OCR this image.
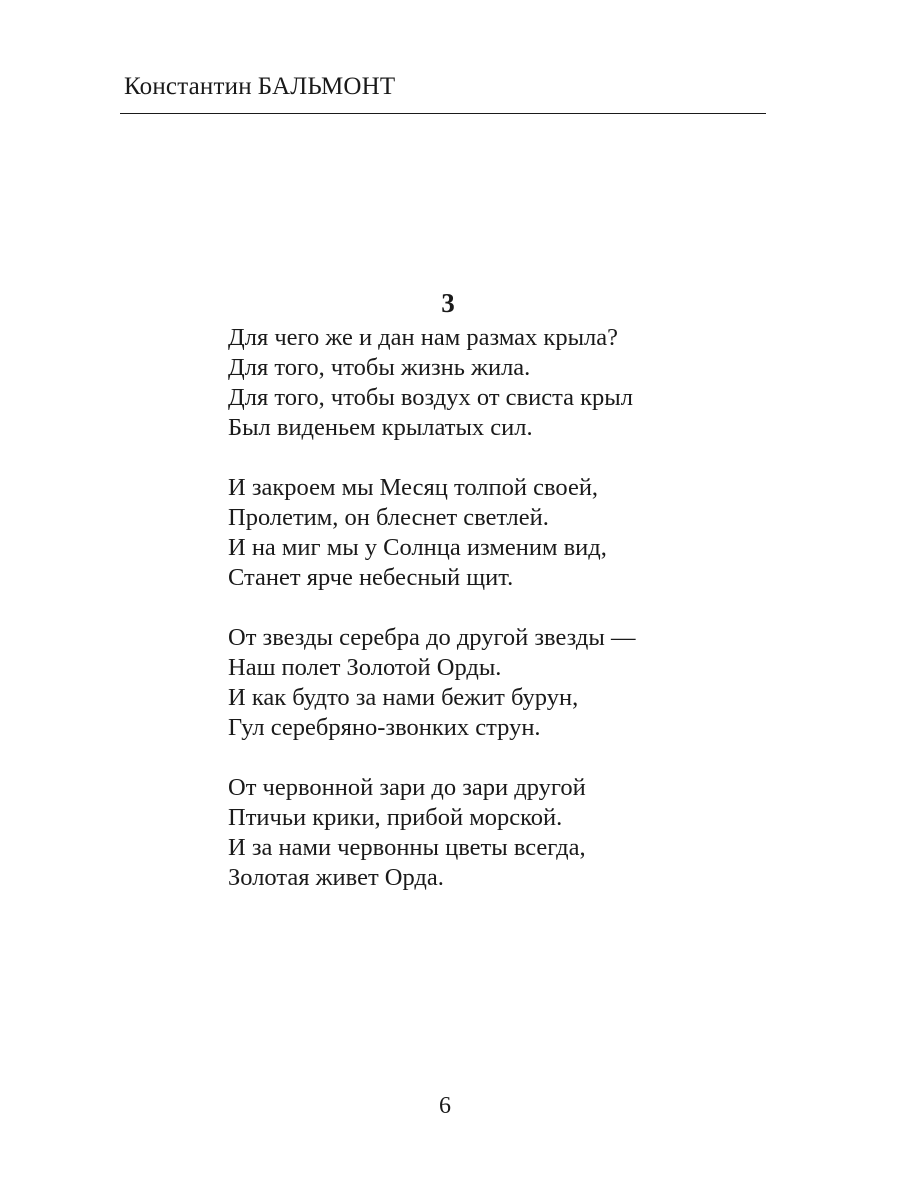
Константин БАЛЬМОНТ
3
Для чего же и дан нам размах крыла?
Для того, чтобы жизнь жила.
Для того, чтобы воздух от свиста крыл
Был виденьем крылатых сил.
И закроем мы Месяц толпой своей,
Пролетим, он блеснет светлей.
И на миг мы у Солнца изменим вид,
Станет ярче небесный щит.
От звезды серебра до другой звезды —
Наш полет Золотой Орды.
И как будто за нами бежит бурун,
Гул серебряно-звонких струн.
От червонной зари до зари другой
Птичьи крики, прибой морской.
И за нами червонны цветы всегда,
Золотая живет Орда.
6
